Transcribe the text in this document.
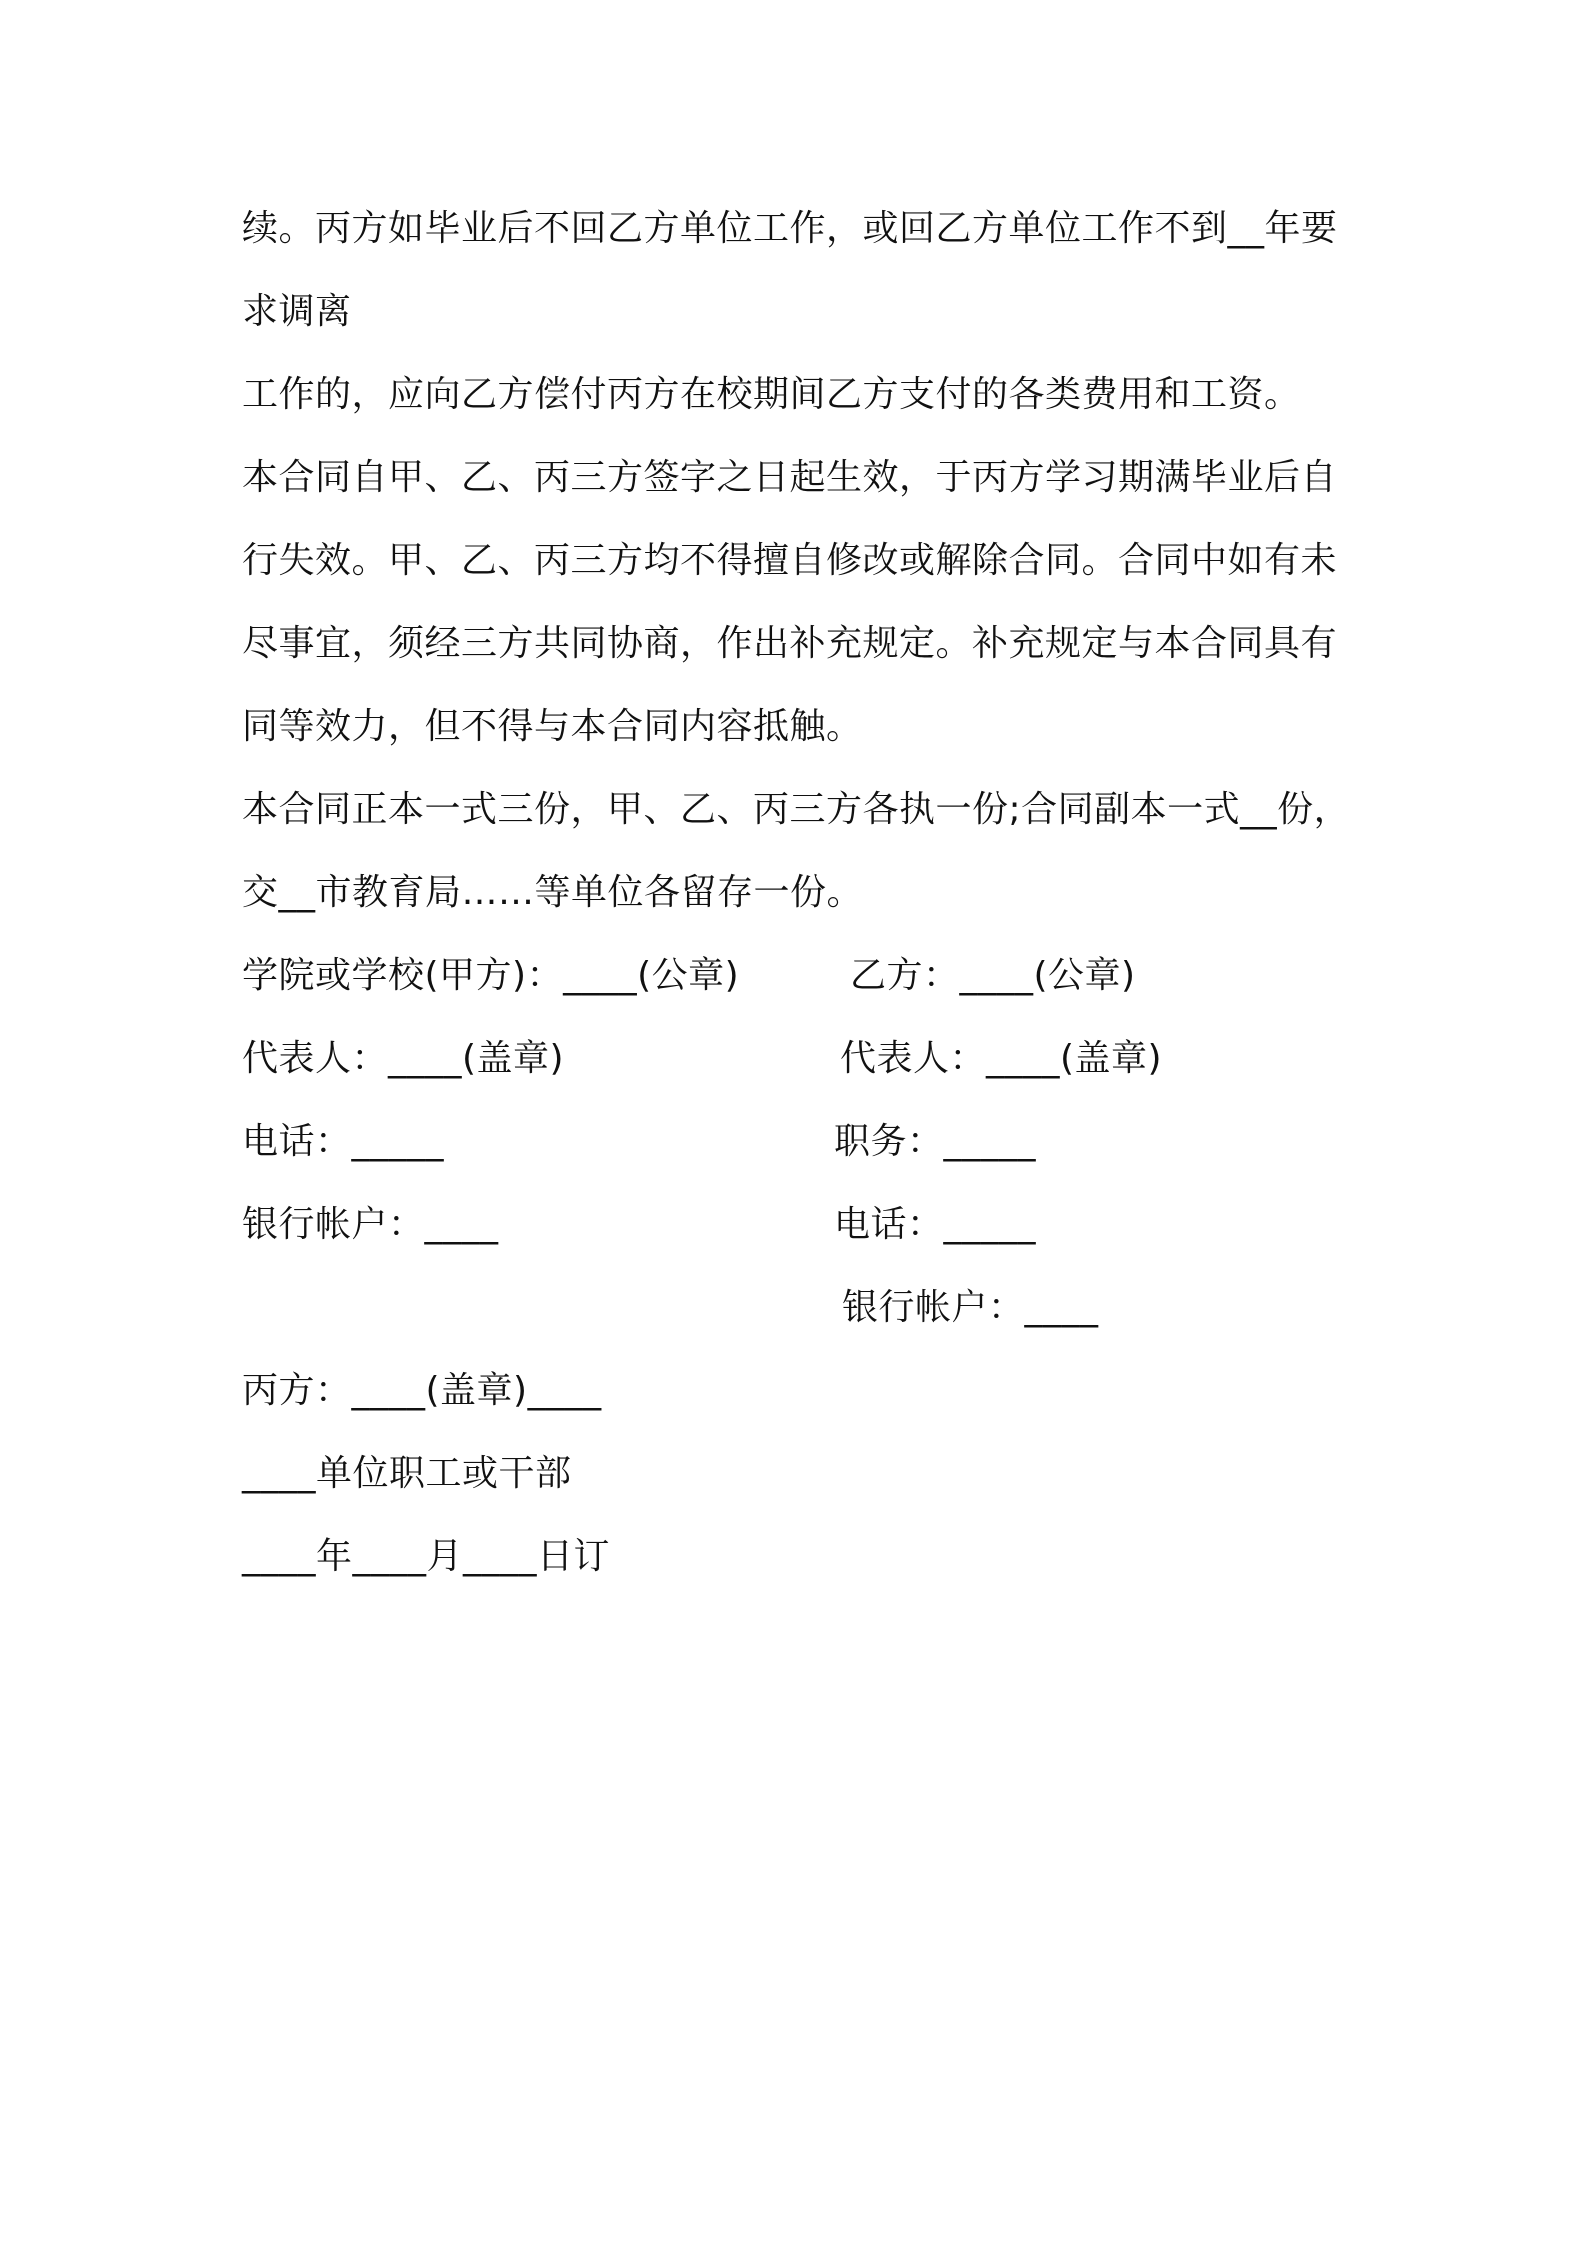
续。丙方如毕业后不回乙方单位工作，或回乙方单位工作不到__年要
求调离
工作的，应向乙方偿付丙方在校期间乙方支付的各类费用和工资。
本合同自甲、乙、丙三方签字之日起生效，于丙方学习期满毕业后自
行失效。甲、乙、丙三方均不得擅自修改或解除合同。合同中如有未
尽事宜，须经三方共同协商，作出补充规定。补充规定与本合同具有
同等效力，但不得与本合同内容抵触。
本合同正本一式三份，甲、乙、丙三方各执一份;合同副本一式__份，
交__市教育局……等单位各留存一份。
学院或学校(甲方)：____(公章)
代表人：____(盖章)
电话：_____
银行帐户：____
乙方：____(公章)
代表人：____(盖章)
职务：_____
电话：_____
银行帐户：____
丙方：____(盖章)____
____单位职工或干部
____年____月____日订
